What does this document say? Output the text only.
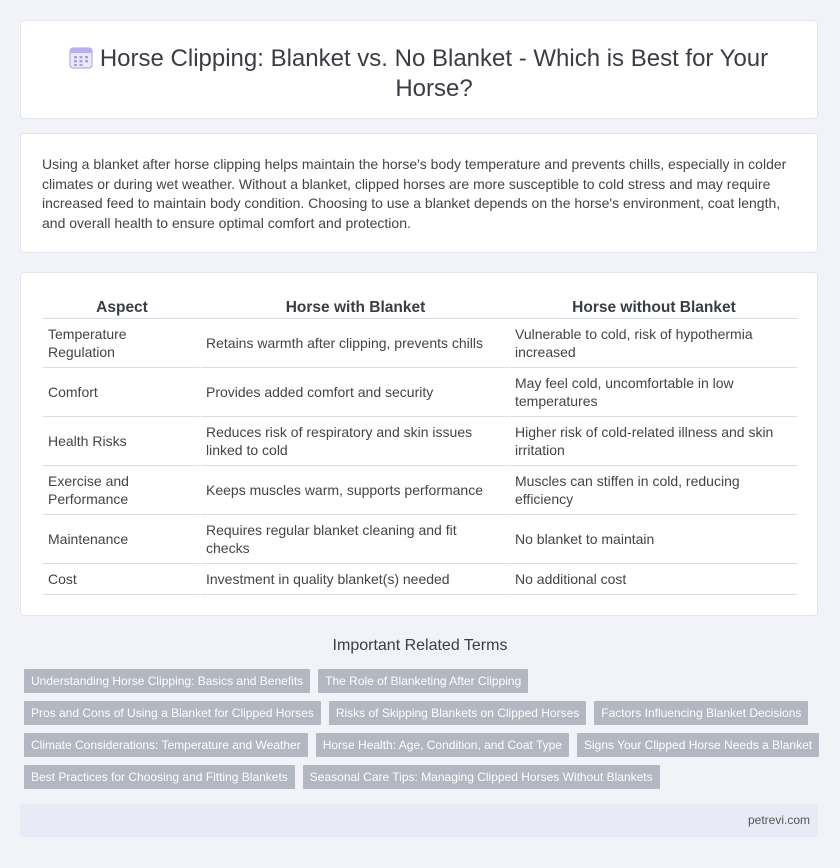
Horse Clipping: Blanket vs. No Blanket - Which is Best for Your Horse?

Using a blanket after horse clipping helps maintain the horse's body temperature and prevents chills, especially in colder climates or during wet weather. Without a blanket, clipped horses are more susceptible to cold stress and may require increased feed to maintain body condition. Choosing to use a blanket depends on the horse's environment, coat length, and overall health to ensure optimal comfort and protection.

Aspect	Horse with Blanket	Horse without Blanket
Temperature Regulation	Retains warmth after clipping, prevents chills	Vulnerable to cold, risk of hypothermia increased
Comfort	Provides added comfort and security	May feel cold, uncomfortable in low temperatures
Health Risks	Reduces risk of respiratory and skin issues linked to cold	Higher risk of cold-related illness and skin irritation
Exercise and Performance	Keeps muscles warm, supports performance	Muscles can stiffen in cold, reducing efficiency
Maintenance	Requires regular blanket cleaning and fit checks	No blanket to maintain
Cost	Investment in quality blanket(s) needed	No additional cost
Important Related Terms
Understanding Horse Clipping: Basics and Benefits The Role of Blanketing After Clipping
Pros and Cons of Using a Blanket for Clipped Horses Risks of Skipping Blankets on Clipped Horses Factors Influencing Blanket Decisions
Climate Considerations: Temperature and Weather Horse Health: Age, Condition, and Coat Type Signs Your Clipped Horse Needs a Blanket
Best Practices for Choosing and Fitting Blankets Seasonal Care Tips: Managing Clipped Horses Without Blankets
petrevi.com
